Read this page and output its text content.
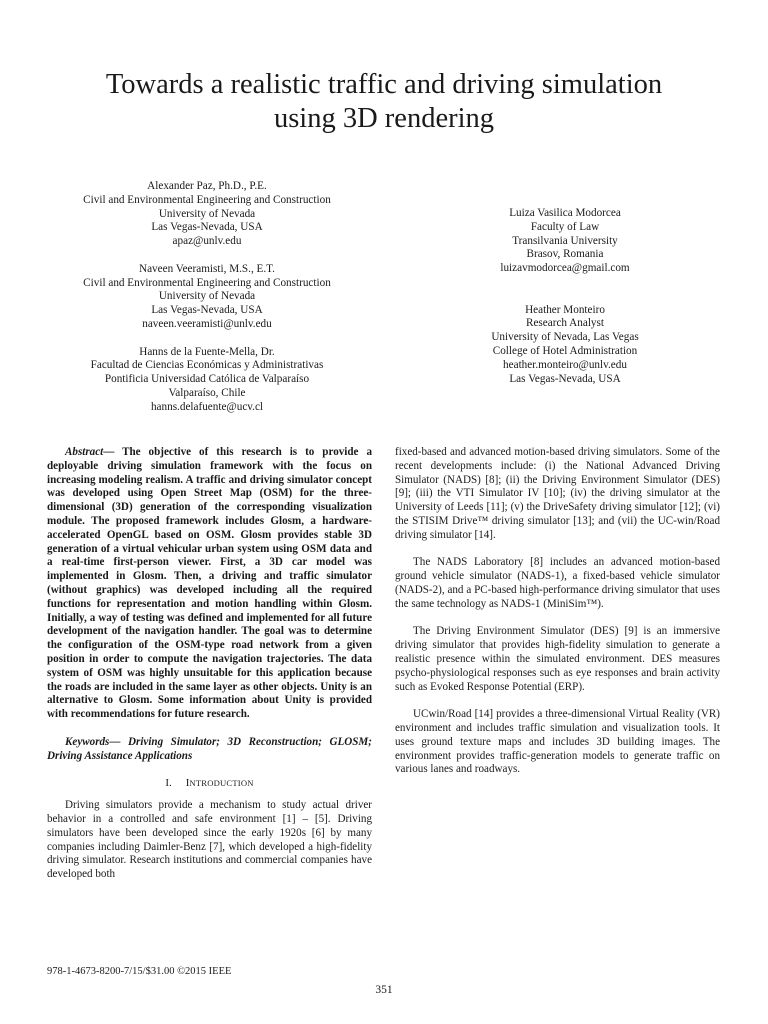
Towards a realistic traffic and driving simulation
using 3D rendering
Alexander Paz, Ph.D., P.E.
Civil and Environmental Engineering and Construction
University of Nevada
Las Vegas-Nevada, USA
apaz@unlv.edu
Naveen Veeramisti, M.S., E.T.
Civil and Environmental Engineering and Construction
University of Nevada
Las Vegas-Nevada, USA
naveen.veeramisti@unlv.edu
Hanns de la Fuente-Mella, Dr.
Facultad de Ciencias Económicas y Administrativas
Pontificia Universidad Católica de Valparaíso
Valparaíso, Chile
hanns.delafuente@ucv.cl
Luiza Vasilica Modorcea
Faculty of Law
Transilvania University
Brasov, Romania
luizavmodorcea@gmail.com
Heather Monteiro
Research Analyst
University of Nevada, Las Vegas
College of Hotel Administration
heather.monteiro@unlv.edu
Las Vegas-Nevada, USA
Abstract— The objective of this research is to provide a deployable driving simulation framework with the focus on increasing modeling realism. A traffic and driving simulator concept was developed using Open Street Map (OSM) for the three-dimensional (3D) generation of the corresponding visualization module. The proposed framework includes Glosm, a hardware-accelerated OpenGL based on OSM. Glosm provides stable 3D generation of a virtual vehicular urban system using OSM data and a real-time first-person viewer. First, a 3D car model was implemented in Glosm. Then, a driving and traffic simulator (without graphics) was developed including all the required functions for representation and motion handling within Glosm. Initially, a way of testing was defined and implemented for all future development of the navigation handler. The goal was to determine the configuration of the OSM-type road network from a given position in order to compute the navigation trajectories. The data system of OSM was highly unsuitable for this application because the roads are included in the same layer as other objects. Unity is an alternative to Glosm. Some information about Unity is provided with recommendations for future research.
Keywords— Driving Simulator; 3D Reconstruction; GLOSM; Driving Assistance Applications
I. INTRODUCTION

Driving simulators provide a mechanism to study actual driver behavior in a controlled and safe environment [1] – [5]. Driving simulators have been developed since the early 1920s [6] by many companies including Daimler-Benz [7], which developed a high-fidelity driving simulator. Research institutions and commercial companies have developed both

fixed-based and advanced motion-based driving simulators. Some of the recent developments include: (i) the National Advanced Driving Simulator (NADS) [8]; (ii) the Driving Environment Simulator (DES) [9]; (iii) the VTI Simulator IV [10]; (iv) the driving simulator at the University of Leeds [11]; (v) the DriveSafety driving simulator [12]; (vi) the STISIM Drive™ driving simulator [13]; and (vii) the UC-win/Road driving simulator [14].

The NADS Laboratory [8] includes an advanced motion-based ground vehicle simulator (NADS-1), a fixed-based vehicle simulator (NADS-2), and a PC-based high-performance driving simulator that uses the same technology as NADS-1 (MiniSim™).

The Driving Environment Simulator (DES) [9] is an immersive driving simulator that provides high-fidelity simulation to generate a realistic presence within the simulated environment. DES measures psycho-physiological responses such as eye responses and brain activity such as Evoked Response Potential (ERP).

UCwin/Road [14] provides a three-dimensional Virtual Reality (VR) environment and includes traffic simulation and visualization tools. It uses ground texture maps and includes 3D building images. The environment provides traffic-generation models to generate traffic on various lanes and roadways.

978-1-4673-8200-7/15/$31.00 ©2015 IEEE
351
